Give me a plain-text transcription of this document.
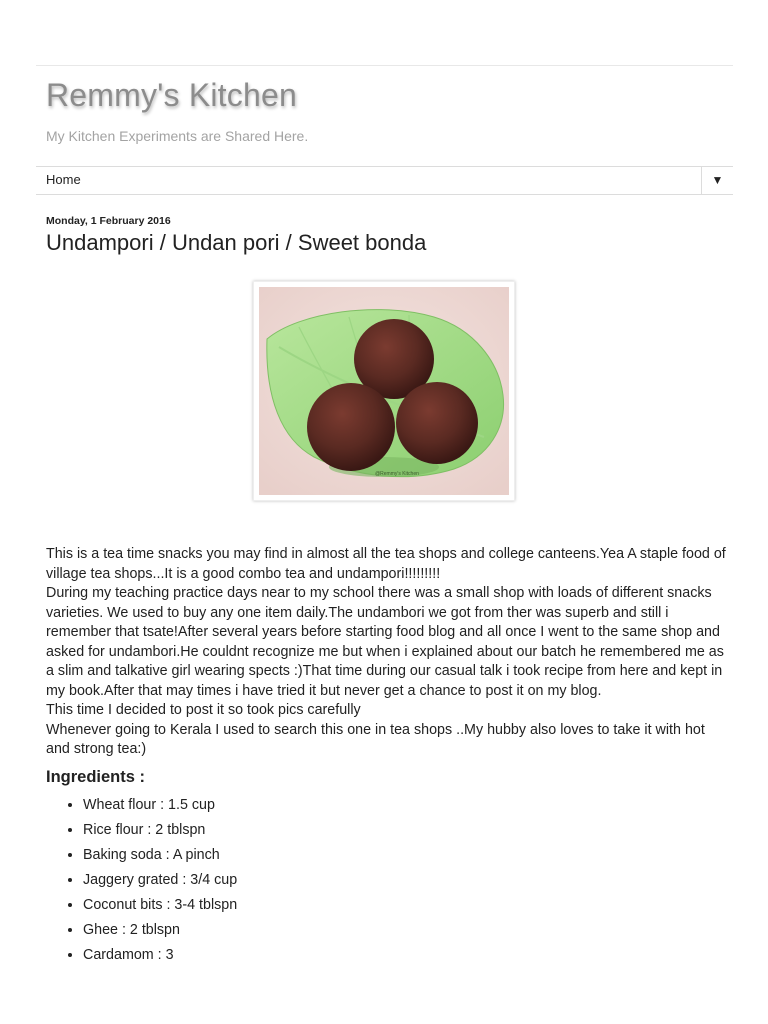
Remmy's Kitchen
My Kitchen Experiments are Shared Here.
Home	▼
Monday, 1 February 2016
Undampori / Undan pori / Sweet bonda
@Remmy's Kitchen

This is a tea time snacks you may find in almost all the tea shops and college canteens.Yea A staple food of village tea shops...It is a good combo tea and undampori!!!!!!!!!

During my teaching practice days near to my school there was a small shop with loads of different snacks varieties. We used to buy any one item daily.The undambori we got from ther was superb and still i remember that tsate!After several years before starting food blog and all once I went to the same shop and asked for undambori.He couldnt recognize me but when i explained about our batch he remembered me as a slim and talkative girl wearing spects :)That time during our casual talk i took recipe from here and kept in my book.After that may times i have tried it but never get a chance to post it on my blog.

This time I decided to post it so took pics carefully

Whenever going to Kerala I used to search this one in tea shops ..My hubby also loves to take it with hot and strong tea:)

Ingredients :
• Wheat flour : 1.5 cup
• Rice flour : 2 tblspn
• Baking soda : A pinch
• Jaggery grated : 3/4 cup
• Coconut bits : 3-4 tblspn
• Ghee : 2 tblspn
• Cardamom : 3
